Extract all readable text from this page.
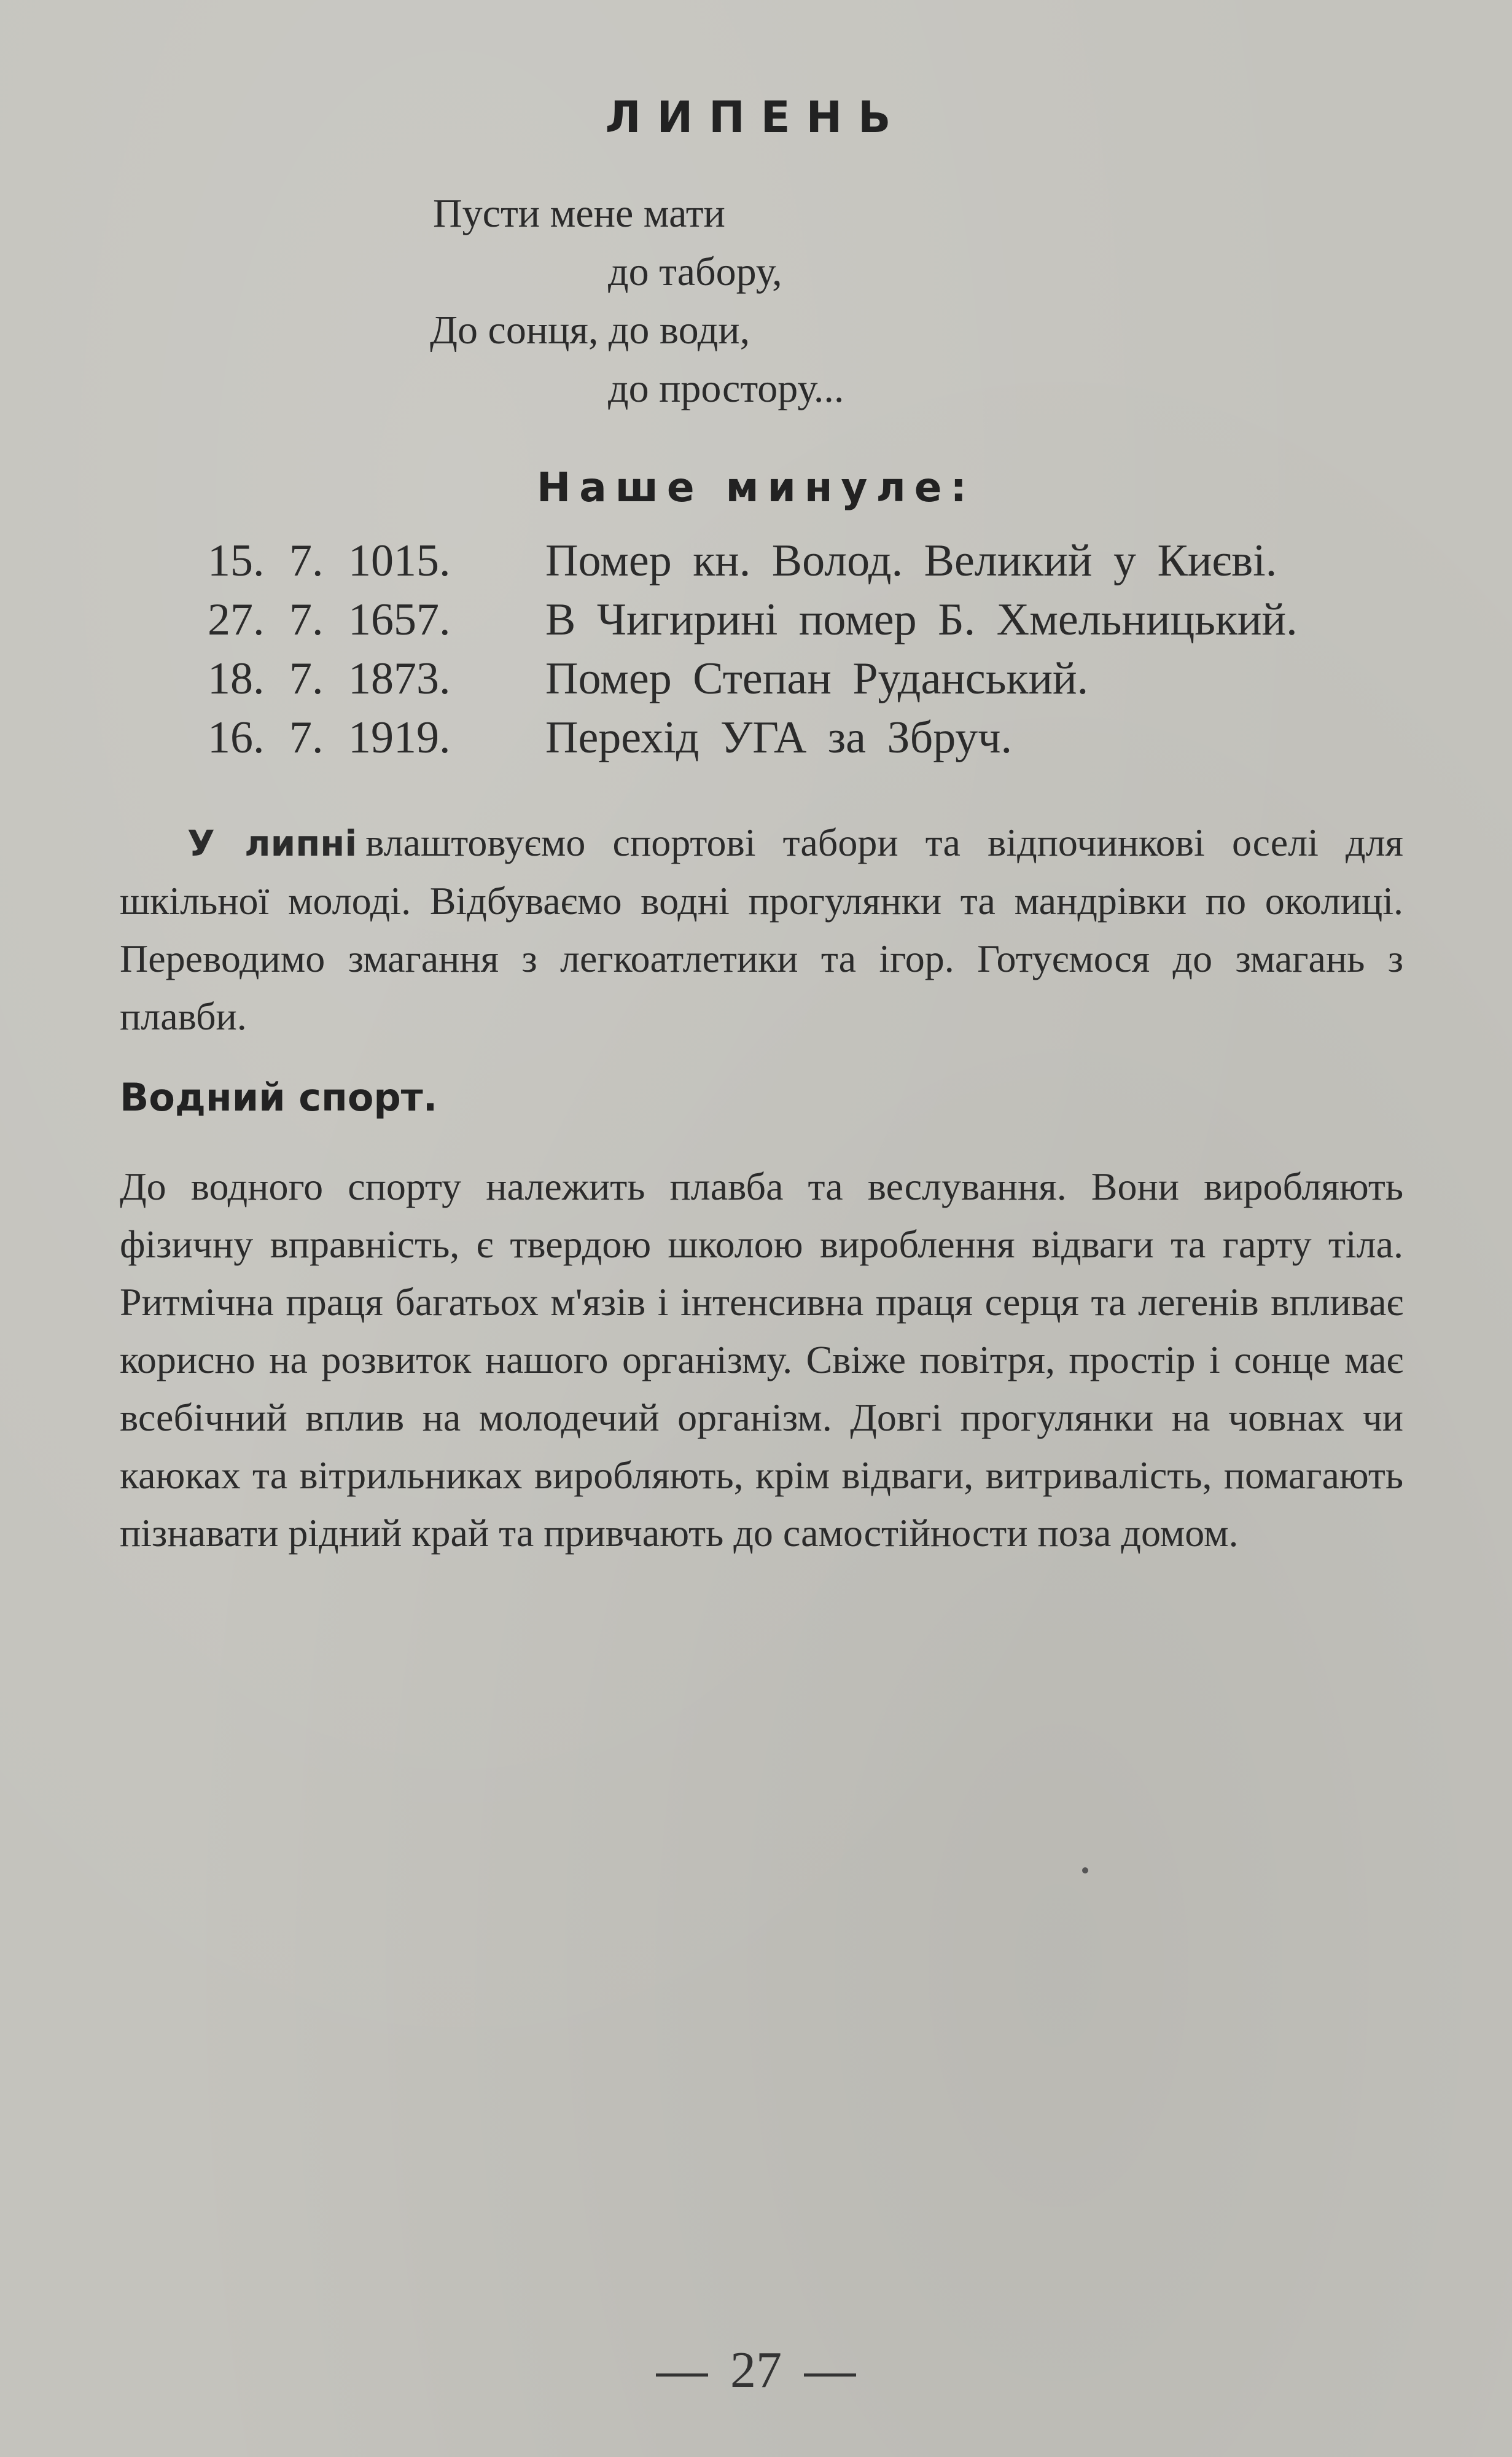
ЛИПЕНЬ
Пусти мене мати
до табору,
До сонця, до води,
до простору...
Наше минуле:
15. 7. 1015.	Помер кн. Волод. Великий у Києві.
27. 7. 1657.	В Чигирині помер Б. Хмельницький.
18. 7. 1873.	Помер Степан Руданський.
16. 7. 1919.	Перехід УГА за Збруч.
У липні влаштовуємо спортові табори та відпочинкові оселі для шкільної молоді. Відбуваємо водні прогулянки та мандрівки по околиці. Переводимо змагання з легкоатлетики та ігор. Готуємося до змагань з плавби.
Водний спорт.
До водного спорту належить плавба та веслування. Вони виробляють фізичну вправність, є твердою школою вироблення відваги та гарту тіла. Ритмічна праця багатьох м'язів і інтенсивна праця серця та легенів впливає корисно на розвиток нашого організму. Свіже повітря, простір і сонце має всебічний вплив на молодечий організм. Довгі прогулянки на човнах чи каюках та вітрильниках виробляють, крім відваги, витривалість, помагають пізнавати рідний край та привчають до самостійности поза домом.
27
